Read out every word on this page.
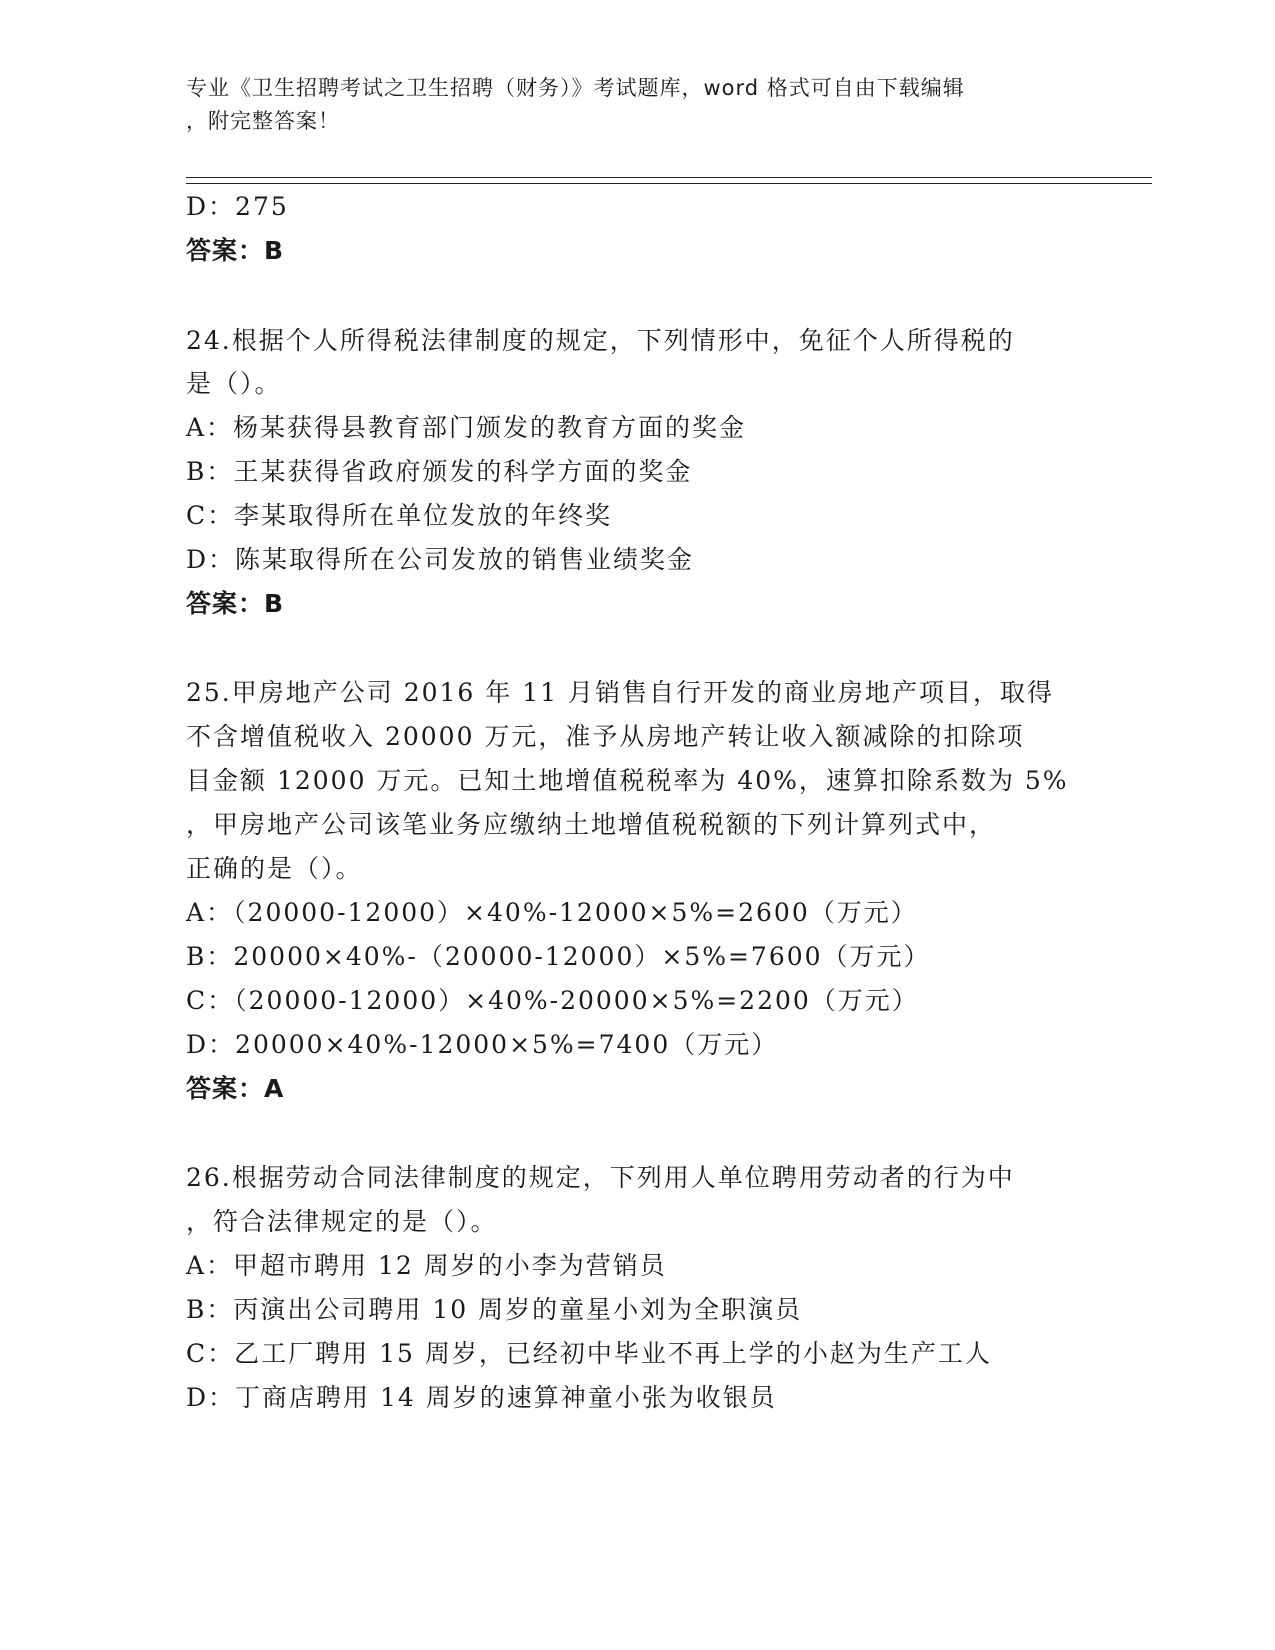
专业《卫生招聘考试之卫生招聘（财务）》考试题库，word 格式可自由下载编辑
，附完整答案！

D：275

答案：B

24.根据个人所得税法律制度的规定，下列情形中，免征个人所得税的

是（）。

A：杨某获得县教育部门颁发的教育方面的奖金

B：王某获得省政府颁发的科学方面的奖金

C：李某取得所在单位发放的年终奖

D：陈某取得所在公司发放的销售业绩奖金

答案：B

25.甲房地产公司 2016 年 11 月销售自行开发的商业房地产项目，取得

不含增值税收入 20000 万元，准予从房地产转让收入额减除的扣除项

目金额 12000 万元。已知土地增值税税率为 40%，速算扣除系数为 5%

，甲房地产公司该笔业务应缴纳土地增值税税额的下列计算列式中，

正确的是（）。

A：（20000-12000）×40%-12000×5%=2600（万元）

B：20000×40%-（20000-12000）×5%=7600（万元）

C：（20000-12000）×40%-20000×5%=2200（万元）

D：20000×40%-12000×5%=7400（万元）

答案：A

26.根据劳动合同法律制度的规定，下列用人单位聘用劳动者的行为中

，符合法律规定的是（）。

A：甲超市聘用 12 周岁的小李为营销员

B：丙演出公司聘用 10 周岁的童星小刘为全职演员

C：乙工厂聘用 15 周岁，已经初中毕业不再上学的小赵为生产工人

D：丁商店聘用 14 周岁的速算神童小张为收银员
